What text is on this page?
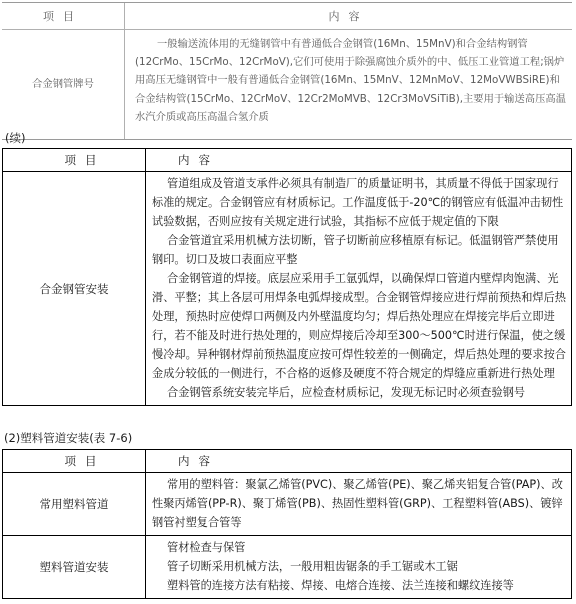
项目	内容
合金钢管牌号	一般输送流体用的无缝钢管中有普通低合金钢管(16Mn、15MnV)和合金结构钢管(12CrMo、15CrMo、12CrMoV),它们可使用于除强腐蚀介质外的中、低压工业管道工程;锅炉用高压无缝钢管中一般有普通低合金钢管(16Mn、15MnV、12MnMoV、12MoVWBSiRE)和合金结构管(15CrMo、12CrMoV、12Cr2MoMVB、12Cr3MoVSiTiB),主要用于输送高压高温水汽介质或高压高温合氢介质
(续)
项目	内容
合金钢管安装	管道组成及管道支承件必须具有制造厂的质量证明书，其质量不得低于国家现行标准的规定。合金钢管应有材质标记。工作温度低于-20℃的钢管应有低温冲击韧性试验数据，否则应按有关规定进行试验，其指标不应低于规定值的下限
合金管道宜采用机械方法切断，管子切断前应移植原有标记。低温钢管严禁使用钢印。切口及坡口表面应平整
合金钢管道的焊接。底层应采用手工氩弧焊，以确保焊口管道内壁焊肉饱满、光滑、平整；其上各层可用焊条电弧焊接成型。合金钢管焊接应进行焊前预热和焊后热处理，预热时应使焊口两侧及内外壁温度均匀；焊后热处理应在焊接完毕后立即进行，若不能及时进行热处理的，则应焊接后冷却至300～500℃时进行保温，使之缓慢冷却。异种钢材焊前预热温度应按可焊性较差的一侧确定，焊后热处理的要求按合金成分较低的一侧进行，不合格的返修及硬度不符合规定的焊缝应重新进行热处理
合金钢管系统安装完毕后，应检查材质标记，发现无标记时必须查验钢号
(2)塑料管道安装(表 7-6)
项目	内容
常用塑料管道	常用的塑料管：聚氯乙烯管(PVC)、聚乙烯管(PE)、聚乙烯夹铝复合管(PAP)、改性聚丙烯管(PP-R)、聚丁烯管(PB)、热固性塑料管(GRP)、工程塑料管(ABS)、镀锌钢管衬塑复合管等

塑料管道安装	管材检查与保管
管子切断采用机械方法，一般用粗齿锯条的手工锯或木工锯
塑料管的连接方法有粘接、焊接、电熔合连接、法兰连接和螺纹连接等
